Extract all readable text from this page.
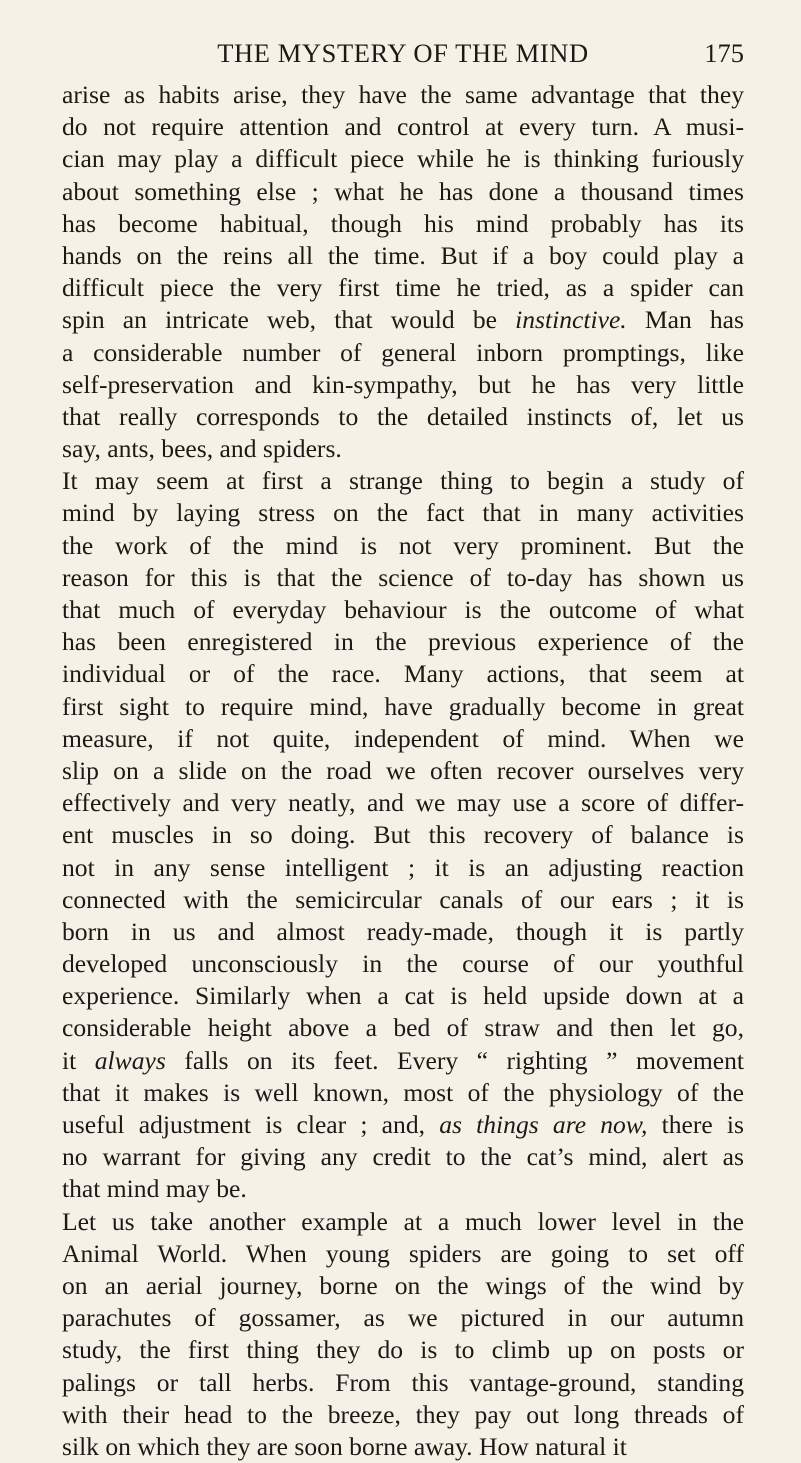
THE MYSTERY OF THE MIND	175
arise as habits arise, they have the same advantage that they
do not require attention and control at every turn. A musi-
cian may play a difficult piece while he is thinking furiously
about something else ; what he has done a thousand times
has become habitual, though his mind probably has its
hands on the reins all the time. But if a boy could play a
difficult piece the very first time he tried, as a spider can
spin an intricate web, that would be instinctive. Man has
a considerable number of general inborn promptings, like
self-preservation and kin-sympathy, but he has very little
that really corresponds to the detailed instincts of, let us
say, ants, bees, and spiders.
It may seem at first a strange thing to begin a study of
mind by laying stress on the fact that in many activities
the work of the mind is not very prominent. But the
reason for this is that the science of to-day has shown us
that much of everyday behaviour is the outcome of what
has been enregistered in the previous experience of the
individual or of the race. Many actions, that seem at
first sight to require mind, have gradually become in great
measure, if not quite, independent of mind. When we
slip on a slide on the road we often recover ourselves very
effectively and very neatly, and we may use a score of differ-
ent muscles in so doing. But this recovery of balance is
not in any sense intelligent ; it is an adjusting reaction
connected with the semicircular canals of our ears ; it is
born in us and almost ready-made, though it is partly
developed unconsciously in the course of our youthful
experience. Similarly when a cat is held upside down at a
considerable height above a bed of straw and then let go,
it always falls on its feet. Every “ righting ” movement
that it makes is well known, most of the physiology of the
useful adjustment is clear ; and, as things are now, there is
no warrant for giving any credit to the cat’s mind, alert as
that mind may be.
Let us take another example at a much lower level in the
Animal World. When young spiders are going to set off
on an aerial journey, borne on the wings of the wind by
parachutes of gossamer, as we pictured in our autumn
study, the first thing they do is to climb up on posts or
palings or tall herbs. From this vantage-ground, standing
with their head to the breeze, they pay out long threads of
silk on which they are soon borne away. How natural it
